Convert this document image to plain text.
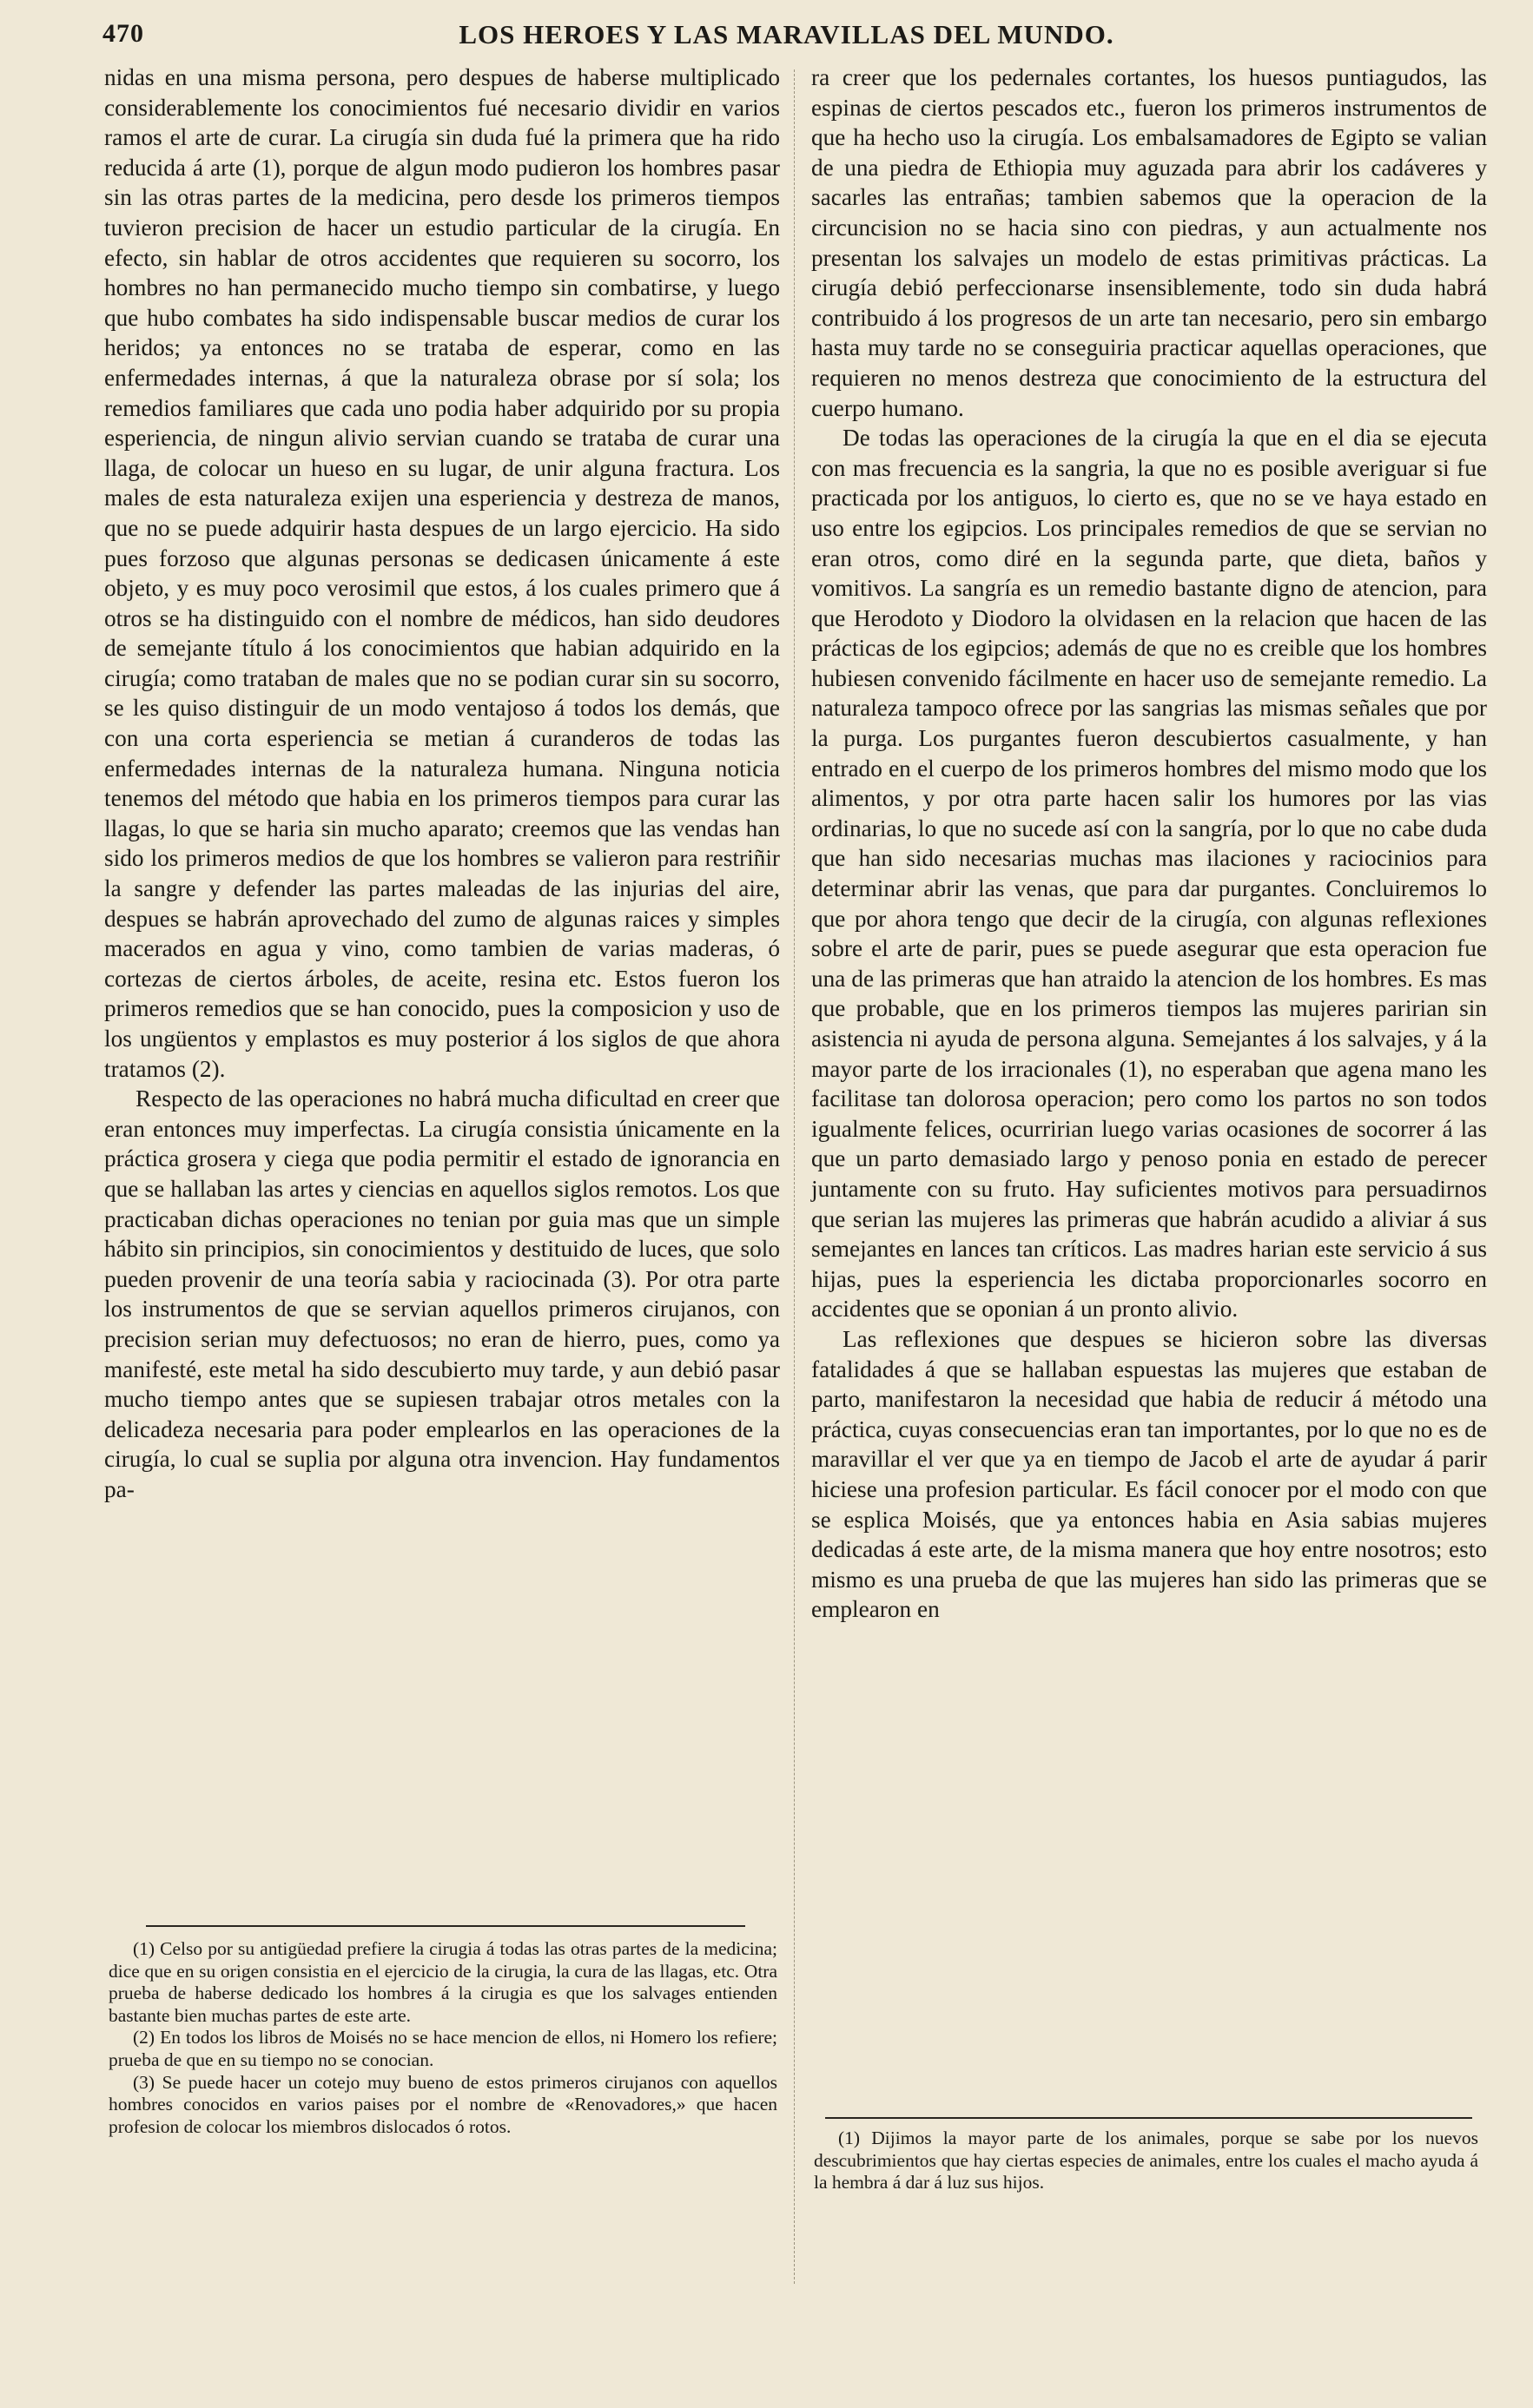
470	LOS HEROES Y LAS MARAVILLAS DEL MUNDO.

nidas en una misma persona, pero despues de haberse multiplicado considerablemente los conocimientos fué necesario dividir en varios ramos el arte de curar. La cirugía sin duda fué la primera que ha rido reducida á arte (1), porque de algun modo pudieron los hombres pasar sin las otras partes de la medicina, pero desde los primeros tiempos tuvieron precision de hacer un estudio particular de la cirugía. En efecto, sin hablar de otros accidentes que requieren su socorro, los hombres no han permanecido mucho tiempo sin combatirse, y luego que hubo combates ha sido indispensable buscar medios de curar los heridos; ya entonces no se trataba de esperar, como en las enfermedades internas, á que la naturaleza obrase por sí sola; los remedios familiares que cada uno podia haber adquirido por su propia esperiencia, de ningun alivio servian cuando se trataba de curar una llaga, de colocar un hueso en su lugar, de unir alguna fractura. Los males de esta naturaleza exijen una esperiencia y destreza de manos, que no se puede adquirir hasta despues de un largo ejercicio. Ha sido pues forzoso que algunas personas se dedicasen únicamente á este objeto, y es muy poco verosimil que estos, á los cuales primero que á otros se ha distinguido con el nombre de médicos, han sido deudores de semejante título á los conocimientos que habian adquirido en la cirugía; como trataban de males que no se podian curar sin su socorro, se les quiso distinguir de un modo ventajoso á todos los demás, que con una corta esperiencia se metian á curanderos de todas las enfermedades internas de la naturaleza humana. Ninguna noticia tenemos del método que habia en los primeros tiempos para curar las llagas, lo que se haria sin mucho aparato; creemos que las vendas han sido los primeros medios de que los hombres se valieron para restriñir la sangre y defender las partes maleadas de las injurias del aire, despues se habrán aprovechado del zumo de algunas raices y simples macerados en agua y vino, como tambien de varias maderas, ó cortezas de ciertos árboles, de aceite, resina etc. Estos fueron los primeros remedios que se han conocido, pues la composicion y uso de los ungüentos y emplastos es muy posterior á los siglos de que ahora tratamos (2).

Respecto de las operaciones no habrá mucha dificultad en creer que eran entonces muy imperfectas. La cirugía consistia únicamente en la práctica grosera y ciega que podia permitir el estado de ignorancia en que se hallaban las artes y ciencias en aquellos siglos remotos. Los que practicaban dichas operaciones no tenian por guia mas que un simple hábito sin principios, sin conocimientos y destituido de luces, que solo pueden provenir de una teoría sabia y raciocinada (3). Por otra parte los instrumentos de que se servian aquellos primeros cirujanos, con precision serian muy defectuosos; no eran de hierro, pues, como ya manifesté, este metal ha sido descubierto muy tarde, y aun debió pasar mucho tiempo antes que se supiesen trabajar otros metales con la delicadeza necesaria para poder emplearlos en las operaciones de la cirugía, lo cual se suplia por alguna otra invencion. Hay fundamentos pa-

ra creer que los pedernales cortantes, los huesos puntiagudos, las espinas de ciertos pescados etc., fueron los primeros instrumentos de que ha hecho uso la cirugía. Los embalsamadores de Egipto se valian de una piedra de Ethiopia muy aguzada para abrir los cadáveres y sacarles las entrañas; tambien sabemos que la operacion de la circuncision no se hacia sino con piedras, y aun actualmente nos presentan los salvajes un modelo de estas primitivas prácticas. La cirugía debió perfeccionarse insensiblemente, todo sin duda habrá contribuido á los progresos de un arte tan necesario, pero sin embargo hasta muy tarde no se conseguiria practicar aquellas operaciones, que requieren no menos destreza que conocimiento de la estructura del cuerpo humano.

De todas las operaciones de la cirugía la que en el dia se ejecuta con mas frecuencia es la sangria, la que no es posible averiguar si fue practicada por los antiguos, lo cierto es, que no se ve haya estado en uso entre los egipcios. Los principales remedios de que se servian no eran otros, como diré en la segunda parte, que dieta, baños y vomitivos. La sangría es un remedio bastante digno de atencion, para que Herodoto y Diodoro la olvidasen en la relacion que hacen de las prácticas de los egipcios; además de que no es creible que los hombres hubiesen convenido fácilmente en hacer uso de semejante remedio. La naturaleza tampoco ofrece por las sangrias las mismas señales que por la purga. Los purgantes fueron descubiertos casualmente, y han entrado en el cuerpo de los primeros hombres del mismo modo que los alimentos, y por otra parte hacen salir los humores por las vias ordinarias, lo que no sucede así con la sangría, por lo que no cabe duda que han sido necesarias muchas mas ilaciones y raciocinios para determinar abrir las venas, que para dar purgantes. Concluiremos lo que por ahora tengo que decir de la cirugía, con algunas reflexiones sobre el arte de parir, pues se puede asegurar que esta operacion fue una de las primeras que han atraido la atencion de los hombres. Es mas que probable, que en los primeros tiempos las mujeres paririan sin asistencia ni ayuda de persona alguna. Semejantes á los salvajes, y á la mayor parte de los irracionales (1), no esperaban que agena mano les facilitase tan dolorosa operacion; pero como los partos no son todos igualmente felices, ocurririan luego varias ocasiones de socorrer á las que un parto demasiado largo y penoso ponia en estado de perecer juntamente con su fruto. Hay suficientes motivos para persuadirnos que serian las mujeres las primeras que habrán acudido a aliviar á sus semejantes en lances tan críticos. Las madres harian este servicio á sus hijas, pues la esperiencia les dictaba proporcionarles socorro en accidentes que se oponian á un pronto alivio.

Las reflexiones que despues se hicieron sobre las diversas fatalidades á que se hallaban espuestas las mujeres que estaban de parto, manifestaron la necesidad que habia de reducir á método una práctica, cuyas consecuencias eran tan importantes, por lo que no es de maravillar el ver que ya en tiempo de Jacob el arte de ayudar á parir hiciese una profesion particular. Es fácil conocer por el modo con que se esplica Moisés, que ya entonces habia en Asia sabias mujeres dedicadas á este arte, de la misma manera que hoy entre nosotros; esto mismo es una prueba de que las mujeres han sido las primeras que se emplearon en

(1) Celso por su antigüedad prefiere la cirugia á todas las otras partes de la medicina; dice que en su origen consistia en el ejercicio de la cirugia, la cura de las llagas, etc. Otra prueba de haberse dedicado los hombres á la cirugia es que los salvages entienden bastante bien muchas partes de este arte.

(2) En todos los libros de Moisés no se hace mencion de ellos, ni Homero los refiere; prueba de que en su tiempo no se conocian.

(3) Se puede hacer un cotejo muy bueno de estos primeros cirujanos con aquellos hombres conocidos en varios paises por el nombre de «Renovadores,» que hacen profesion de colocar los miembros dislocados ó rotos.

(1) Dijimos la mayor parte de los animales, porque se sabe por los nuevos descubrimientos que hay ciertas especies de animales, entre los cuales el macho ayuda á la hembra á dar á luz sus hijos.
